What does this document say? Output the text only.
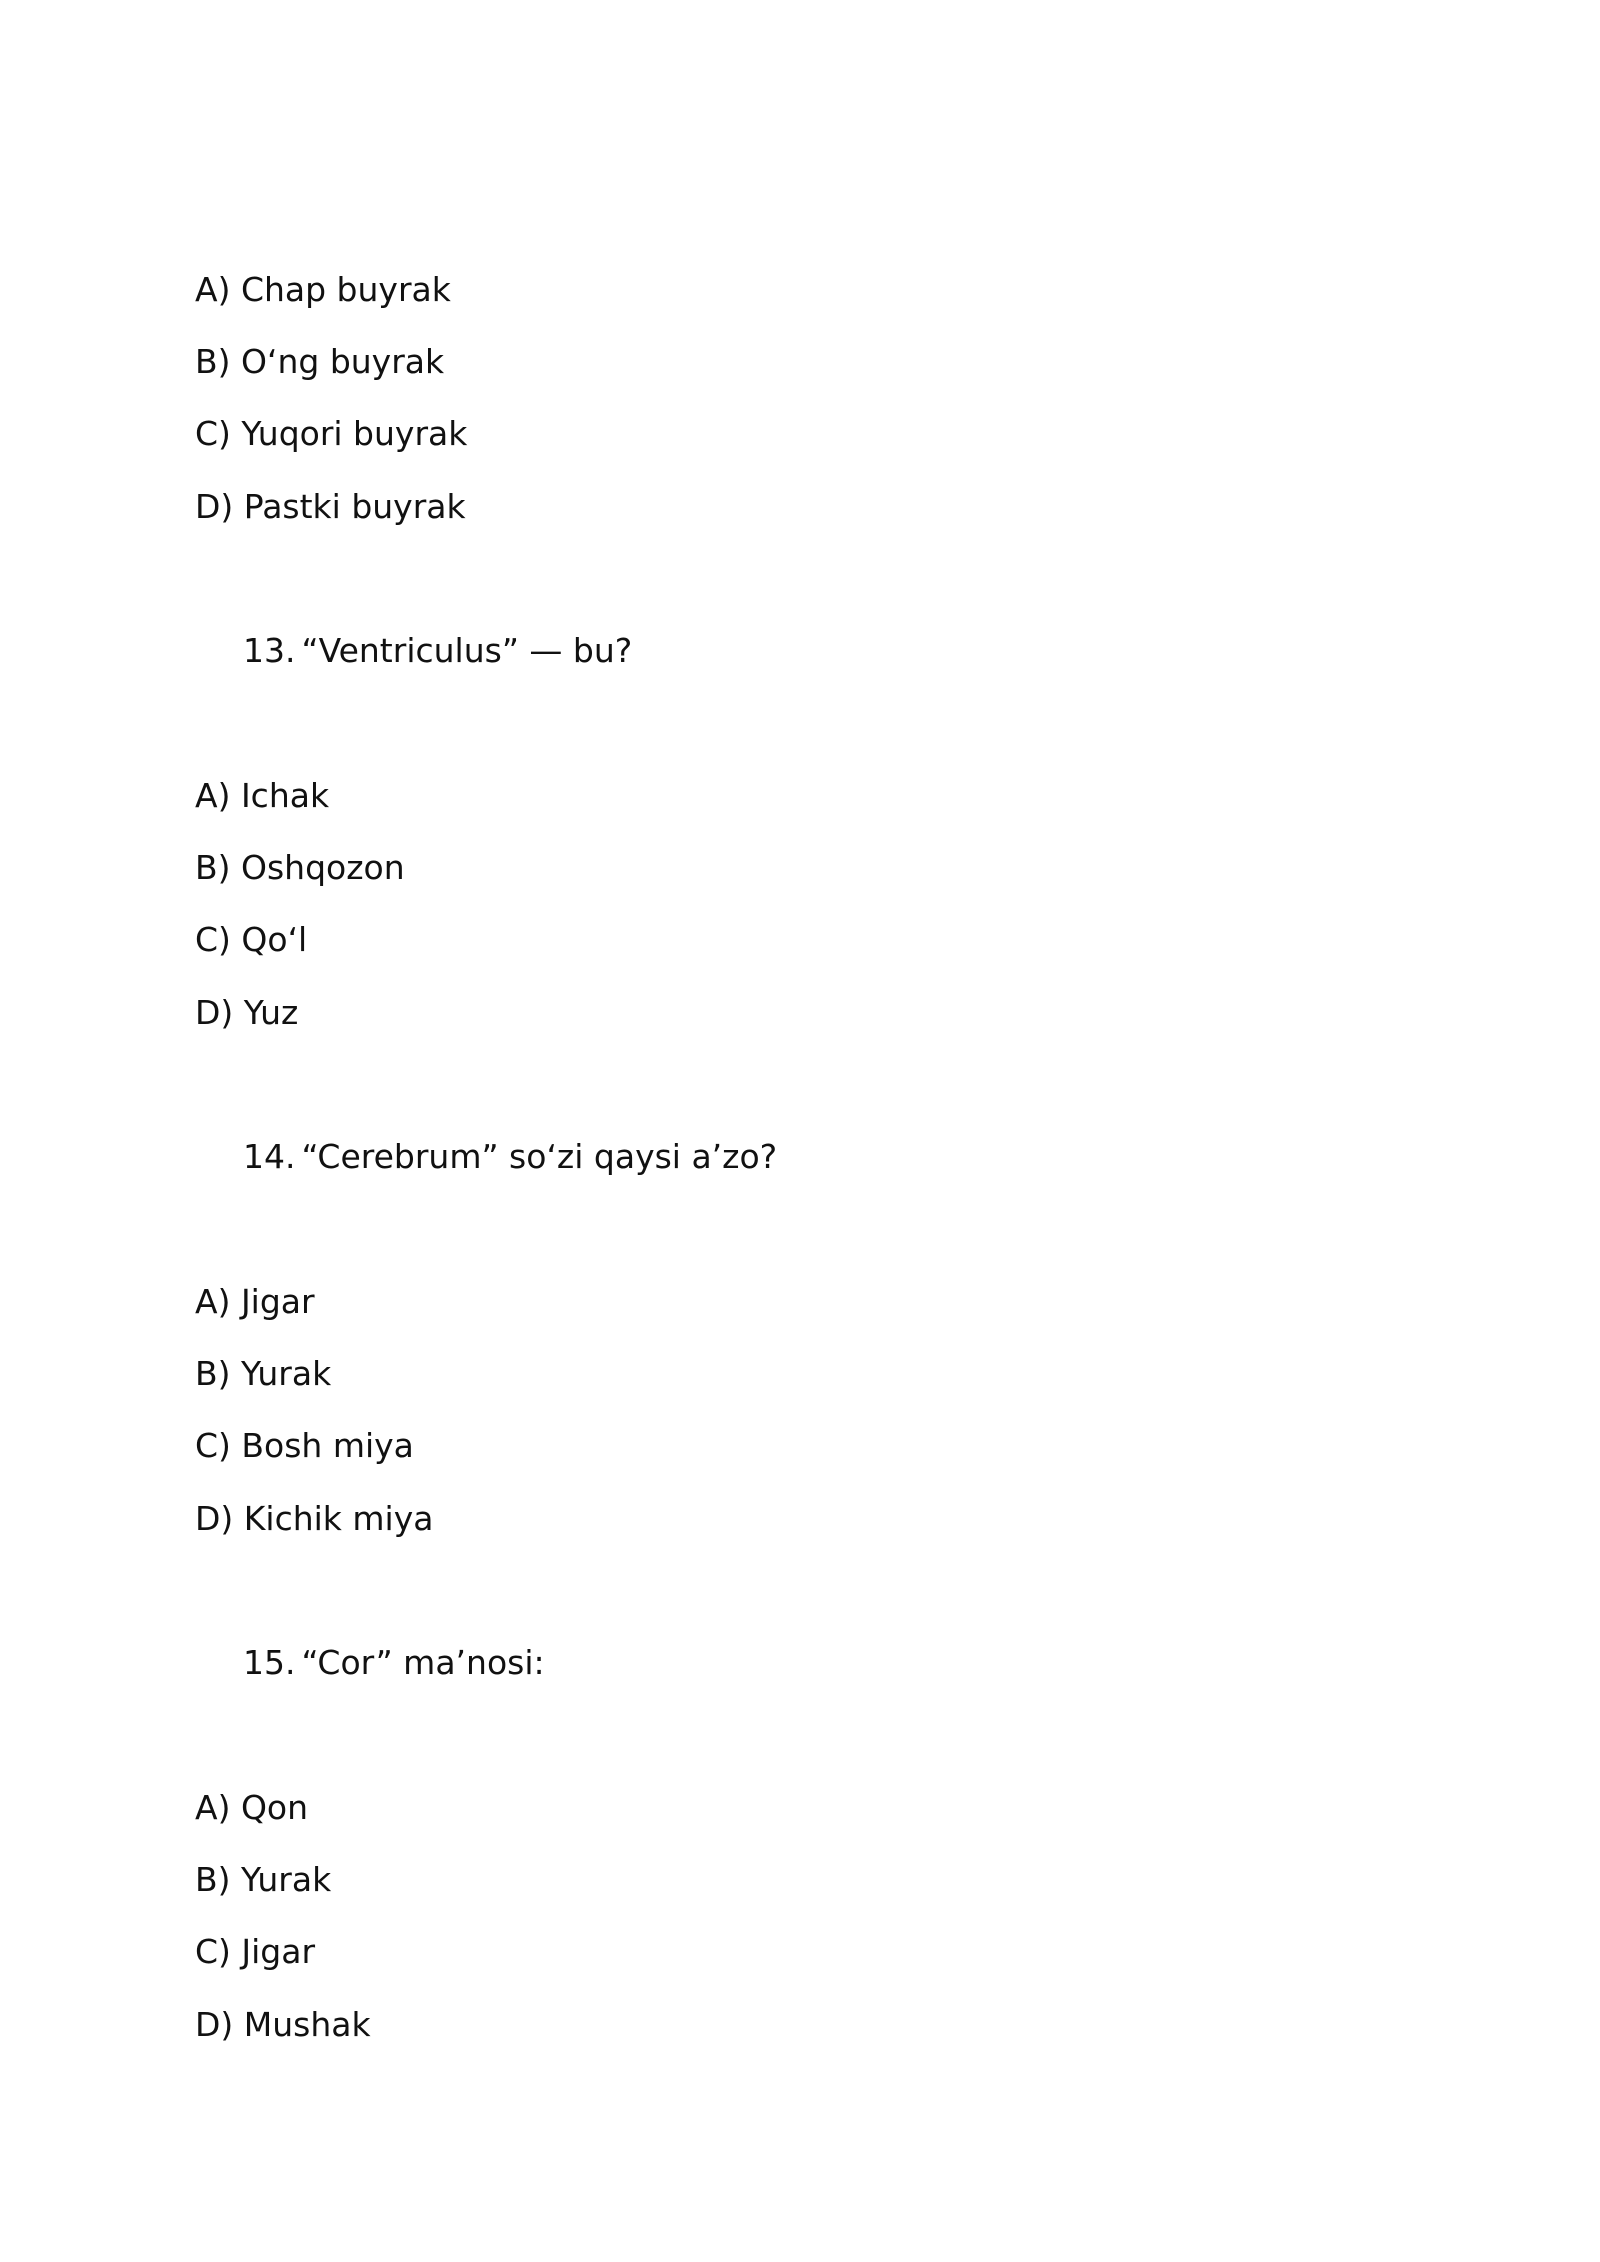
A) Chap buyrak
B) O‘ng buyrak
C) Yuqori buyrak
D) Pastki buyrak
13. “Ventriculus” — bu?
A) Ichak
B) Oshqozon
C) Qo‘l
D) Yuz
14. “Cerebrum” so‘zi qaysi a’zo?
A) Jigar
B) Yurak
C) Bosh miya
D) Kichik miya
15. “Cor” ma’nosi:
A) Qon
B) Yurak
C) Jigar
D) Mushak
